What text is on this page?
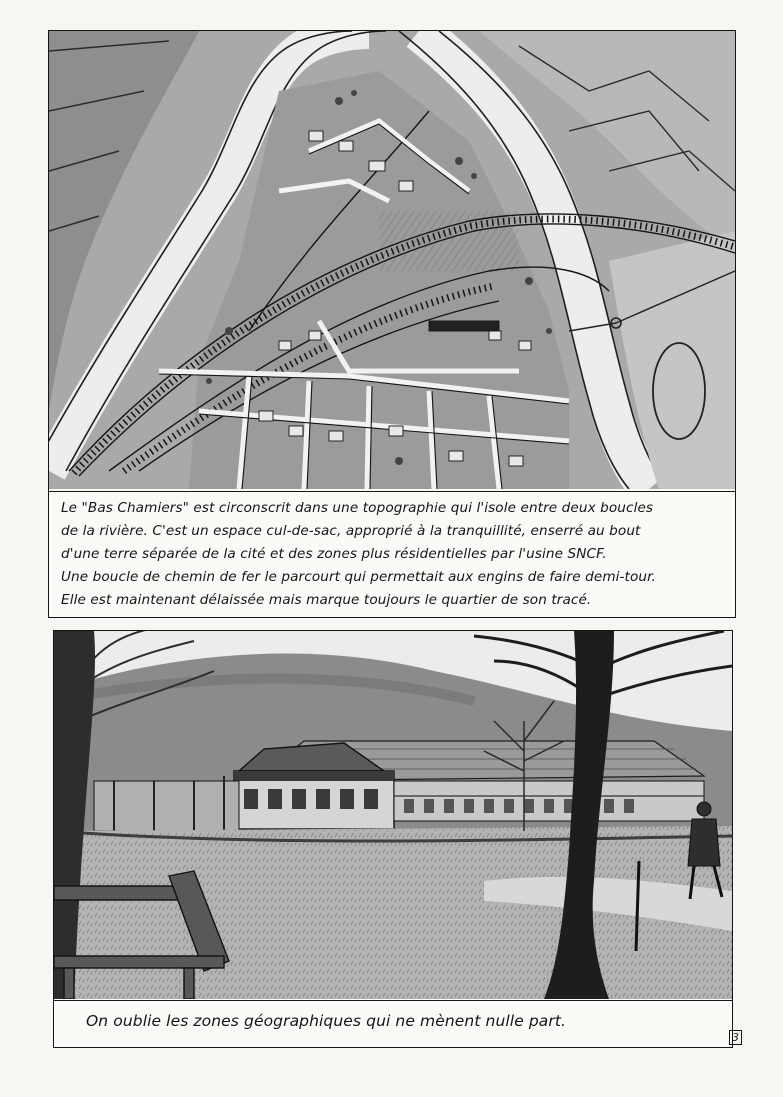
Le "Bas Chamiers" est circonscrit dans une topographie qui l'isole entre deux boucles
de la rivière. C'est un espace cul-de-sac, approprié à la tranquillité, enserré au bout
d'une terre séparée de la cité et des zones plus résidentielles par l'usine SNCF.
Une boucle de chemin de fer le parcourt qui permettait aux engins de faire demi-tour.
Elle est maintenant délaissée mais marque toujours le quartier de son tracé.
On oublie les zones géographiques qui ne mènent nulle part.
3
